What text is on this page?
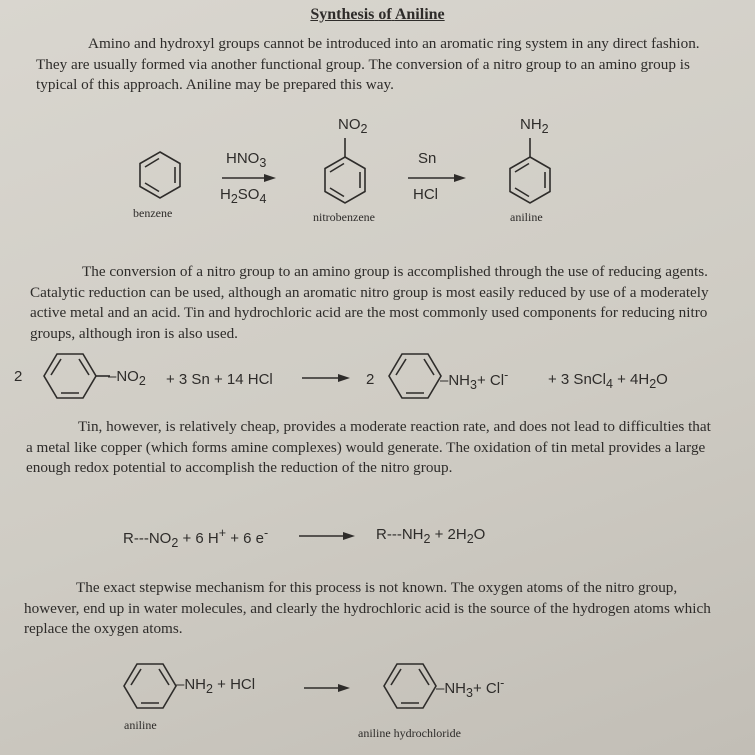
Synthesis of Aniline
Amino and hydroxyl groups cannot be introduced into an aromatic ring system in any direct fashion. They are usually formed via another functional group. The conversion of a nitro group to an amino group is typical of this approach. Aniline may be prepared this way.
$NO_2$	$NH_2$
$HNO_3$
$H_2SO_4$
Sn
HCl
benzene	nitrobenzene	aniline
The conversion of a nitro group to an amino group is accomplished through the use of reducing agents. Catalytic reduction can be used, although an aromatic nitro group is most easily reduced by use of a moderately active metal and an acid. Tin and hydrochloric acid are the most commonly used components for reducing nitro groups, although iron is also used.
2	$-NO_2 + 3$ Sn + 14 HCl	2	$-NH_3+ Cl^-$	+ 3 SnCl$_4$ + $4H_2O$
Tin, however, is relatively cheap, provides a moderate reaction rate, and does not lead to difficulties that a metal like copper (which forms amine complexes) would generate. The oxidation of tin metal provides a large enough redox potential to accomplish the reduction of the nitro group.
$R---NO_2 + 6$ H+ + 6 e-	$R---NH_2 + 2H_2O$
The exact stepwise mechanism for this process is not known. The oxygen atoms of the nitro group, however, end up in water molecules, and clearly the hydrochloric acid is the source of the hydrogen atoms which replace the oxygen atoms.
$-NH_2$ + HCl	$-NH_3+ Cl^-$
aniline
aniline hydrochloride
